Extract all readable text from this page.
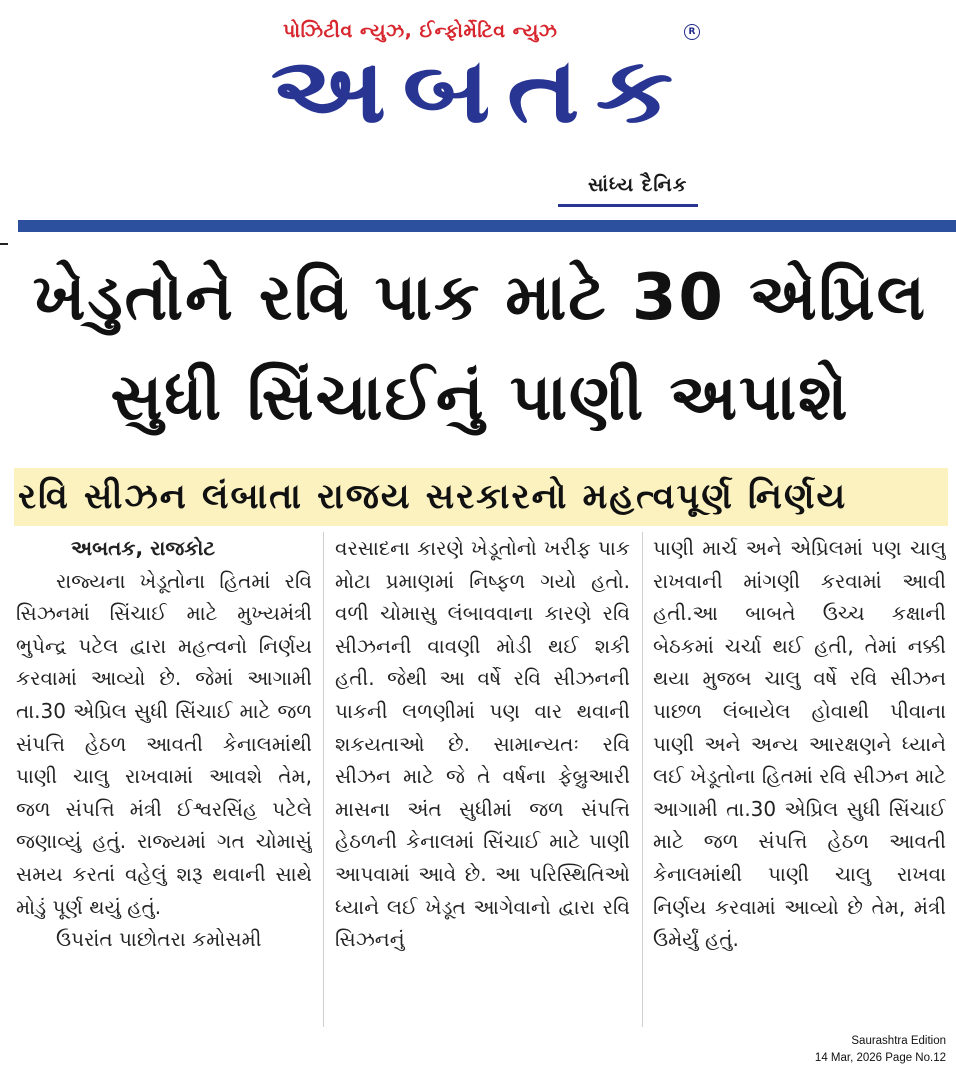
પોઝિટીવ ન્યુઝ, ઈન્ફોર્મેટિવ ન્યુઝ	R
અબતક
સાંધ્ય દૈનિક
ખેડુતોને રવિ પાક માટે 30 એપ્રિલ સુધી સિંચાઈનું પાણી અપાશે
રવિ સીઝન લંબાતા રાજય સરકારનો મહત્વપૂર્ણ નિર્ણય

અબતક, રાજકોટ

રાજ્યના ખેડૂતોના હિતમાં રવિ સિઝનમાં સિંચાઈ માટે મુખ્યમંત્રી ભુપેન્દ્ર પટેલ દ્વારા મહત્વનો નિર્ણય કરવામાં આવ્યો છે. જેમાં આગામી તા.30 એપ્રિલ સુધી સિંચાઈ માટે જળ સંપત્તિ હેઠળ આવતી કેનાલમાંથી પાણી ચાલુ રાખવામાં આવશે તેમ, જળ સંપત્તિ મંત્રી ઈશ્વરસિંહ પટેલે જણાવ્યું હતું. રાજ્યમાં ગત ચોમાસું સમય કરતાં વહેલું શરૂ થવાની સાથે મોડું પૂર્ણ થયું હતું.

ઉપરાંત પાછોતરા કમોસમી

વરસાદના કારણે ખેડૂતોનો ખરીફ પાક મોટા પ્રમાણમાં નિષ્ફળ ગયો હતો. વળી ચોમાસુ લંબાવવાના કારણે રવિ સીઝનની વાવણી મોડી થઈ શકી હતી. જેથી આ વર્ષે રવિ સીઝનની પાકની લળણીમાં પણ વાર થવાની શકયતાઓ છે. સામાન્યતઃ રવિ સીઝન માટે જે તે વર્ષના ફેબ્રુઆરી માસના અંત સુધીમાં જળ સંપત્તિ હેઠળની કેનાલમાં સિંચાઈ માટે પાણી આપવામાં આવે છે. આ પરિસ્થિતિઓ ધ્યાને લઈ ખેડૂત આગેવાનો દ્વારા રવિ સિઝનનું

પાણી માર્ચ અને એપ્રિલમાં પણ ચાલુ રાખવાની માંગણી કરવામાં આવી હતી.આ બાબતે ઉચ્ચ કક્ષાની બેઠકમાં ચર્ચા થઈ હતી, તેમાં નક્કી થયા મુજબ ચાલુ વર્ષે રવિ સીઝન પાછળ લંબાયેલ હોવાથી પીવાના પાણી અને અન્ય આરક્ષણને ધ્યાને લઈ ખેડૂતોના હિતમાં રવિ સીઝન માટે આગામી તા.30 એપ્રિલ સુધી સિંચાઈ માટે જળ સંપત્તિ હેઠળ આવતી કેનાલમાંથી પાણી ચાલુ રાખવા નિર્ણય કરવામાં આવ્યો છે તેમ, મંત્રી ઉમેર્યું હતું.

Saurashtra Edition
14 Mar, 2026 Page No.12
